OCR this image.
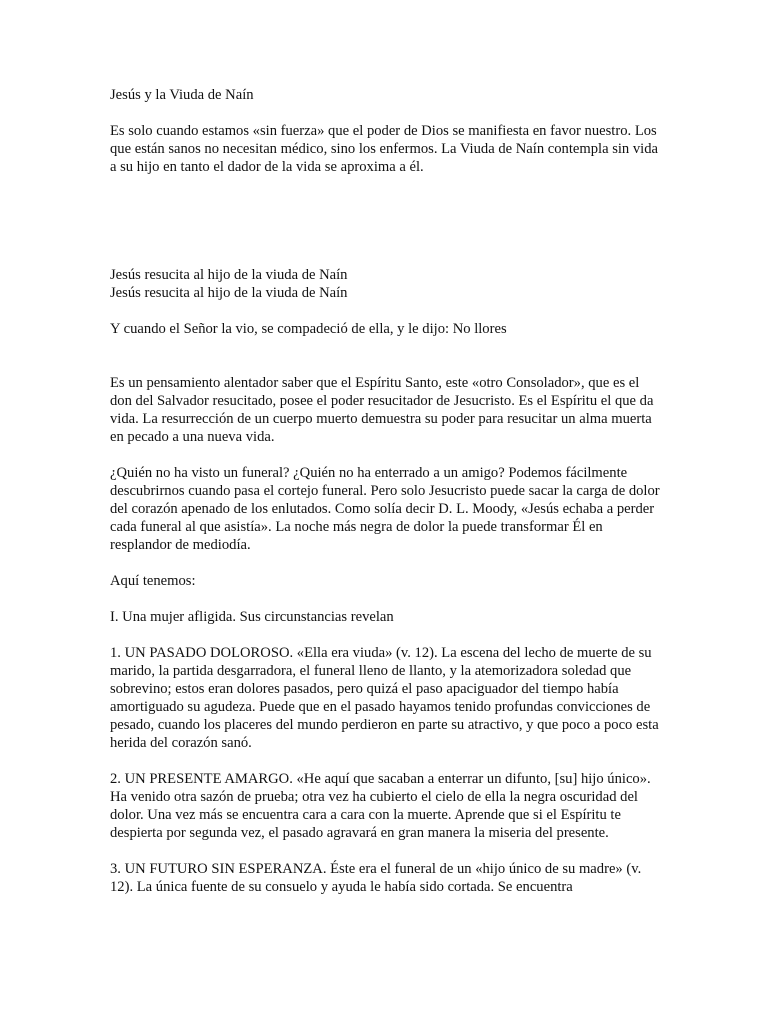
Jesús y la Viuda de Naín

Es solo cuando estamos «sin fuerza» que el poder de Dios se manifiesta en favor nuestro. Los que están sanos no necesitan médico, sino los enfermos. La Viuda de Naín contempla sin vida a su hijo en tanto el dador de la vida se aproxima a él.

Jesús resucita al hijo de la viuda de Naín

Jesús resucita al hijo de la viuda de Naín

Y cuando el Señor la vio, se compadeció de ella, y le dijo: No llores

Es un pensamiento alentador saber que el Espíritu Santo, este «otro Consolador», que es el don del Salvador resucitado, posee el poder resucitador de Jesucristo. Es el Espíritu el que da vida. La resurrección de un cuerpo muerto demuestra su poder para resucitar un alma muerta en pecado a una nueva vida.

¿Quién no ha visto un funeral? ¿Quién no ha enterrado a un amigo? Podemos fácilmente descubrirnos cuando pasa el cortejo funeral. Pero solo Jesucristo puede sacar la carga de dolor del corazón apenado de los enlutados. Como solía decir D. L. Moody, «Jesús echaba a perder cada funeral al que asistía». La noche más negra de dolor la puede transformar Él en resplandor de mediodía.

Aquí tenemos:

I. Una mujer afligida. Sus circunstancias revelan

1. UN PASADO DOLOROSO. «Ella era viuda» (v. 12). La escena del lecho de muerte de su marido, la partida desgarradora, el funeral lleno de llanto, y la atemorizadora soledad que sobrevino; estos eran dolores pasados, pero quizá el paso apaciguador del tiempo había amortiguado su agudeza. Puede que en el pasado hayamos tenido profundas convicciones de pesado, cuando los placeres del mundo perdieron en parte su atractivo, y que poco a poco esta herida del corazón sanó.

2. UN PRESENTE AMARGO. «He aquí que sacaban a enterrar un difunto, [su] hijo único». Ha venido otra sazón de prueba; otra vez ha cubierto el cielo de ella la negra oscuridad del dolor. Una vez más se encuentra cara a cara con la muerte. Aprende que si el Espíritu te despierta por segunda vez, el pasado agravará en gran manera la miseria del presente.

3. UN FUTURO SIN ESPERANZA. Éste era el funeral de un «hijo único de su madre» (v. 12). La única fuente de su consuelo y ayuda le había sido cortada. Se encuentra
